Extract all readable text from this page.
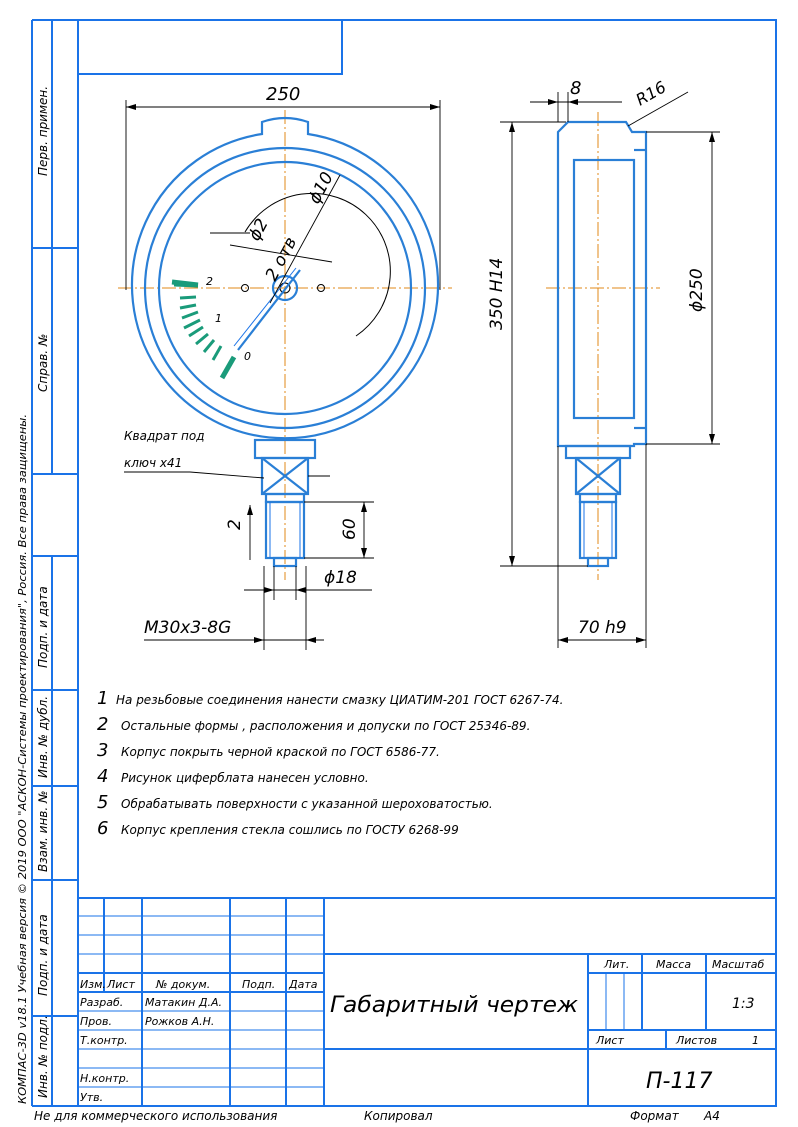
Перв. примен.
Справ. №
Подп. и дата
Инв. № дубл.
Взам. инв. №
Подп. и дата
Инв. № подл.
КОМПАС-3D v18.1 Учебная версия © 2019 ООО "АСКОН-Системы проектирования", Россия. Все права защищены.
2
1
0
250
ϕ10
ϕ2
2 отв
Квадрат под
ключ x41
2	60
ϕ18
M30x3-8G
8	R16
350 H14	ϕ250
70 h9
1 На резьбовые соединения нанести смазку ЦИАТИМ-201 ГОСТ 6267-74.
2 Остальные формы , расположения и допуски по ГОСТ 25346-89.
3 Корпус покрыть черной краской по ГОСТ 6586-77.
4 Рисунок циферблата нанесен условно.
5 Обрабатывать поверхности с указанной шероховатостью.
6 Корпус крепления стекла сошлись по ГОСТУ 6268-99
Изм. Лист № докум.	Подп. Дата
Разраб. Матакин Д.А.
Пров.	Рожков А.Н.
Т.контр.
Н.контр.
Утв.
Габаритный чертеж
Лит. Масса Масштаб
1:3
Лист	Листов	1
П-117
Не для коммерческого использования	Копировал	Формат А4
